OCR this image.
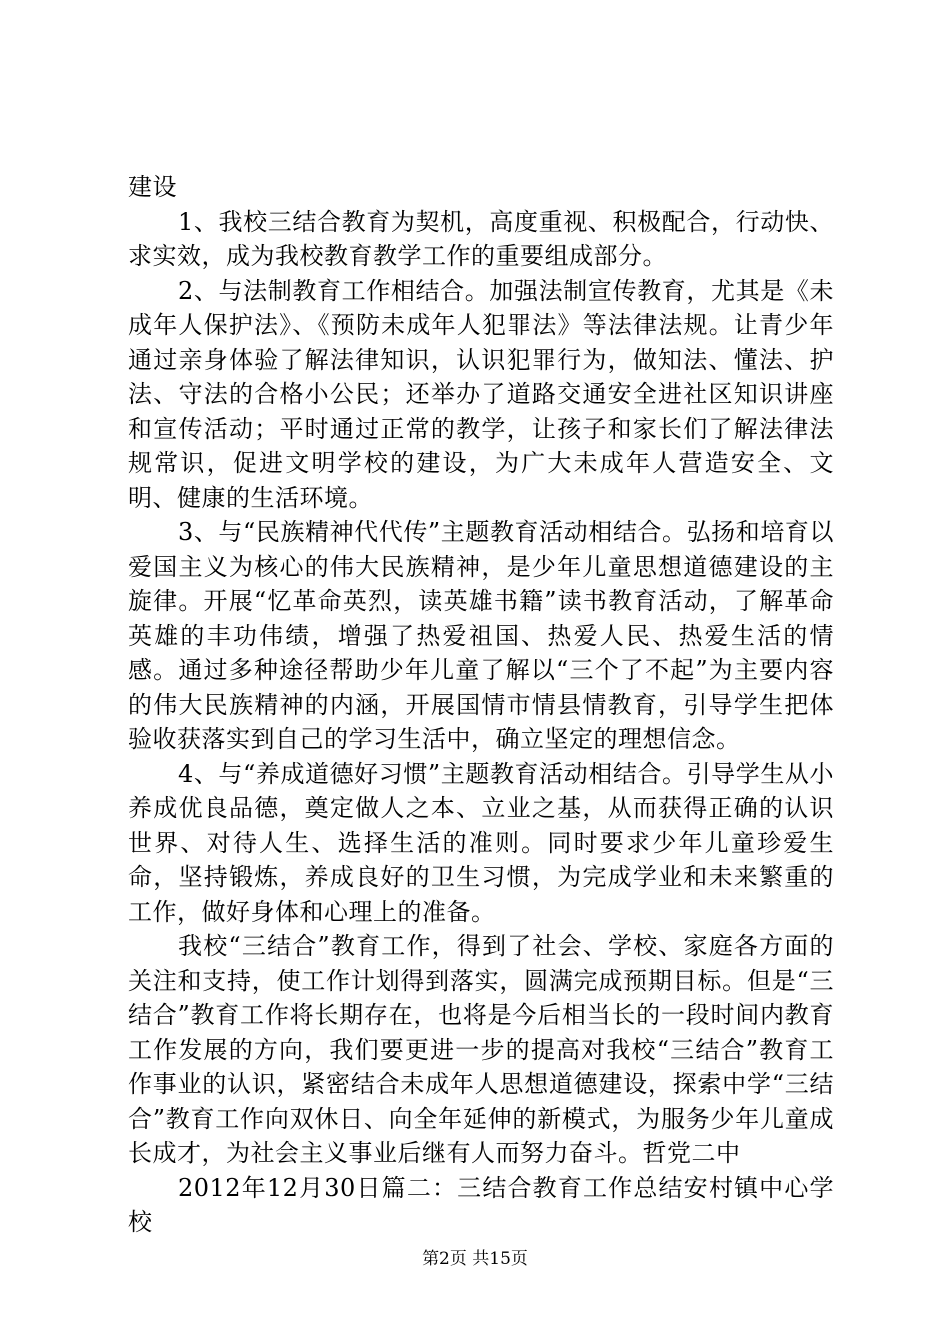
建设

1、我校三结合教育为契机，高度重视、积极配合，行动快、求实效，成为我校教育教学工作的重要组成部分。

2、与法制教育工作相结合。加强法制宣传教育，尤其是《未成年人保护法》、《预防未成年人犯罪法》等法律法规。让青少年通过亲身体验了解法律知识，认识犯罪行为，做知法、懂法、护法、守法的合格小公民；还举办了道路交通安全进社区知识讲座和宣传活动；平时通过正常的教学，让孩子和家长们了解法律法规常识，促进文明学校的建设，为广大未成年人营造安全、文明、健康的生活环境。

3、与“民族精神代代传”主题教育活动相结合。弘扬和培育以爱国主义为核心的伟大民族精神，是少年儿童思想道德建设的主旋律。开展“忆革命英烈，读英雄书籍”读书教育活动，了解革命英雄的丰功伟绩，增强了热爱祖国、热爱人民、热爱生活的情感。通过多种途径帮助少年儿童了解以“三个了不起”为主要内容的伟大民族精神的内涵，开展国情市情县情教育，引导学生把体验收获落实到自己的学习生活中，确立坚定的理想信念。

4、与“养成道德好习惯”主题教育活动相结合。引导学生从小养成优良品德，奠定做人之本、立业之基，从而获得正确的认识世界、对待人生、选择生活的准则。同时要求少年儿童珍爱生命，坚持锻炼，养成良好的卫生习惯，为完成学业和未来繁重的工作，做好身体和心理上的准备。

我校“三结合”教育工作，得到了社会、学校、家庭各方面的关注和支持，使工作计划得到落实，圆满完成预期目标。但是“三结合”教育工作将长期存在，也将是今后相当长的一段时间内教育工作发展的方向，我们要更进一步的提高对我校“三结合”教育工作事业的认识，紧密结合未成年人思想道德建设，探索中学“三结合”教育工作向双休日、向全年延伸的新模式，为服务少年儿童成长成才，为社会主义事业后继有人而努力奋斗。哲党二中

2012年12月30日篇二：三结合教育工作总结安村镇中心学校

第2页 共15页
